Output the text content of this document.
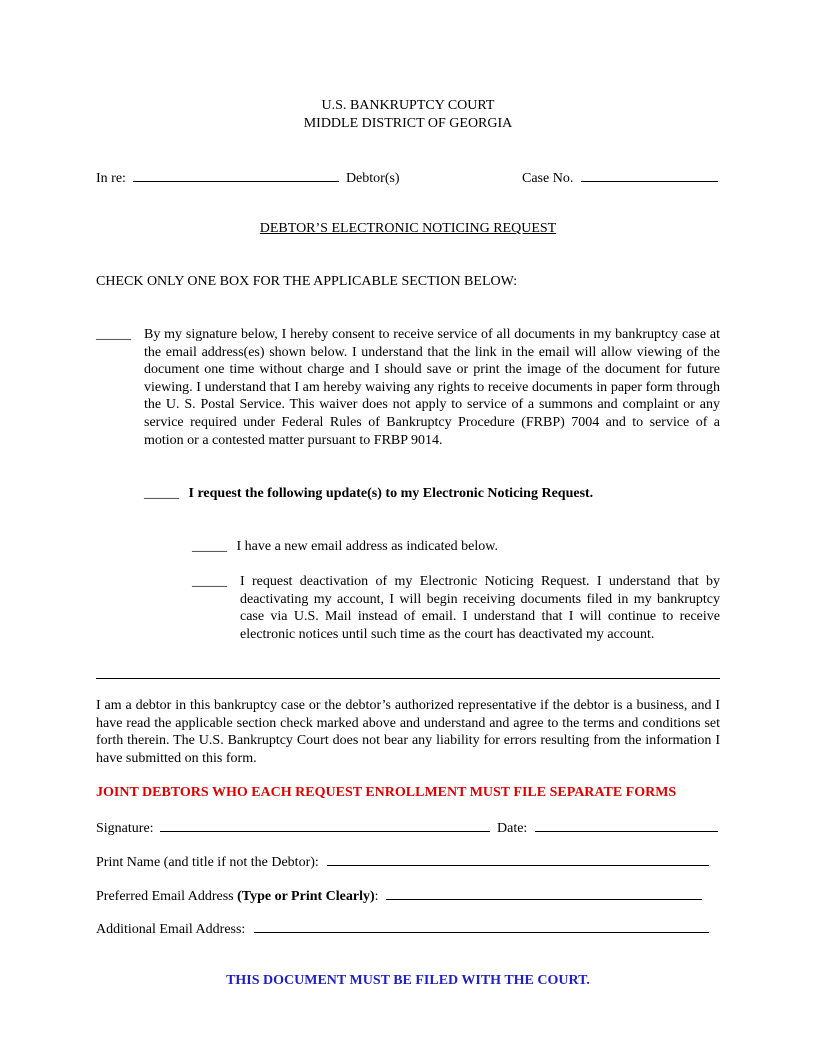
U.S. BANKRUPTCY COURT
MIDDLE DISTRICT OF GEORGIA
In re:	Debtor(s)	Case No.
DEBTOR’S ELECTRONIC NOTICING REQUEST
CHECK ONLY ONE BOX FOR THE APPLICABLE SECTION BELOW:
_____ By my signature below, I hereby consent to receive service of all documents in my bankruptcy case at the email address(es) shown below. I understand that the link in the email will allow viewing of the document one time without charge and I should save or print the image of the document for future viewing. I understand that I am hereby waiving any rights to receive documents in paper form through the U. S. Postal Service. This waiver does not apply to service of a summons and complaint or any service required under Federal Rules of Bankruptcy Procedure (FRBP) 7004 and to service of a motion or a contested matter pursuant to FRBP 9014.
_____ I request the following update(s) to my Electronic Noticing Request.
_____ I have a new email address as indicated below.
_____ I request deactivation of my Electronic Noticing Request. I understand that by deactivating my account, I will begin receiving documents filed in my bankruptcy case via U.S. Mail instead of email. I understand that I will continue to receive electronic notices until such time as the court has deactivated my account.
I am a debtor in this bankruptcy case or the debtor’s authorized representative if the debtor is a business, and I have read the applicable section check marked above and understand and agree to the terms and conditions set forth therein. The U.S. Bankruptcy Court does not bear any liability for errors resulting from the information I have submitted on this form.
JOINT DEBTORS WHO EACH REQUEST ENROLLMENT MUST FILE SEPARATE FORMS
Signature:	Date:
Print Name (and title if not the Debtor):
Preferred Email Address (Type or Print Clearly):
Additional Email Address:
THIS DOCUMENT MUST BE FILED WITH THE COURT.
